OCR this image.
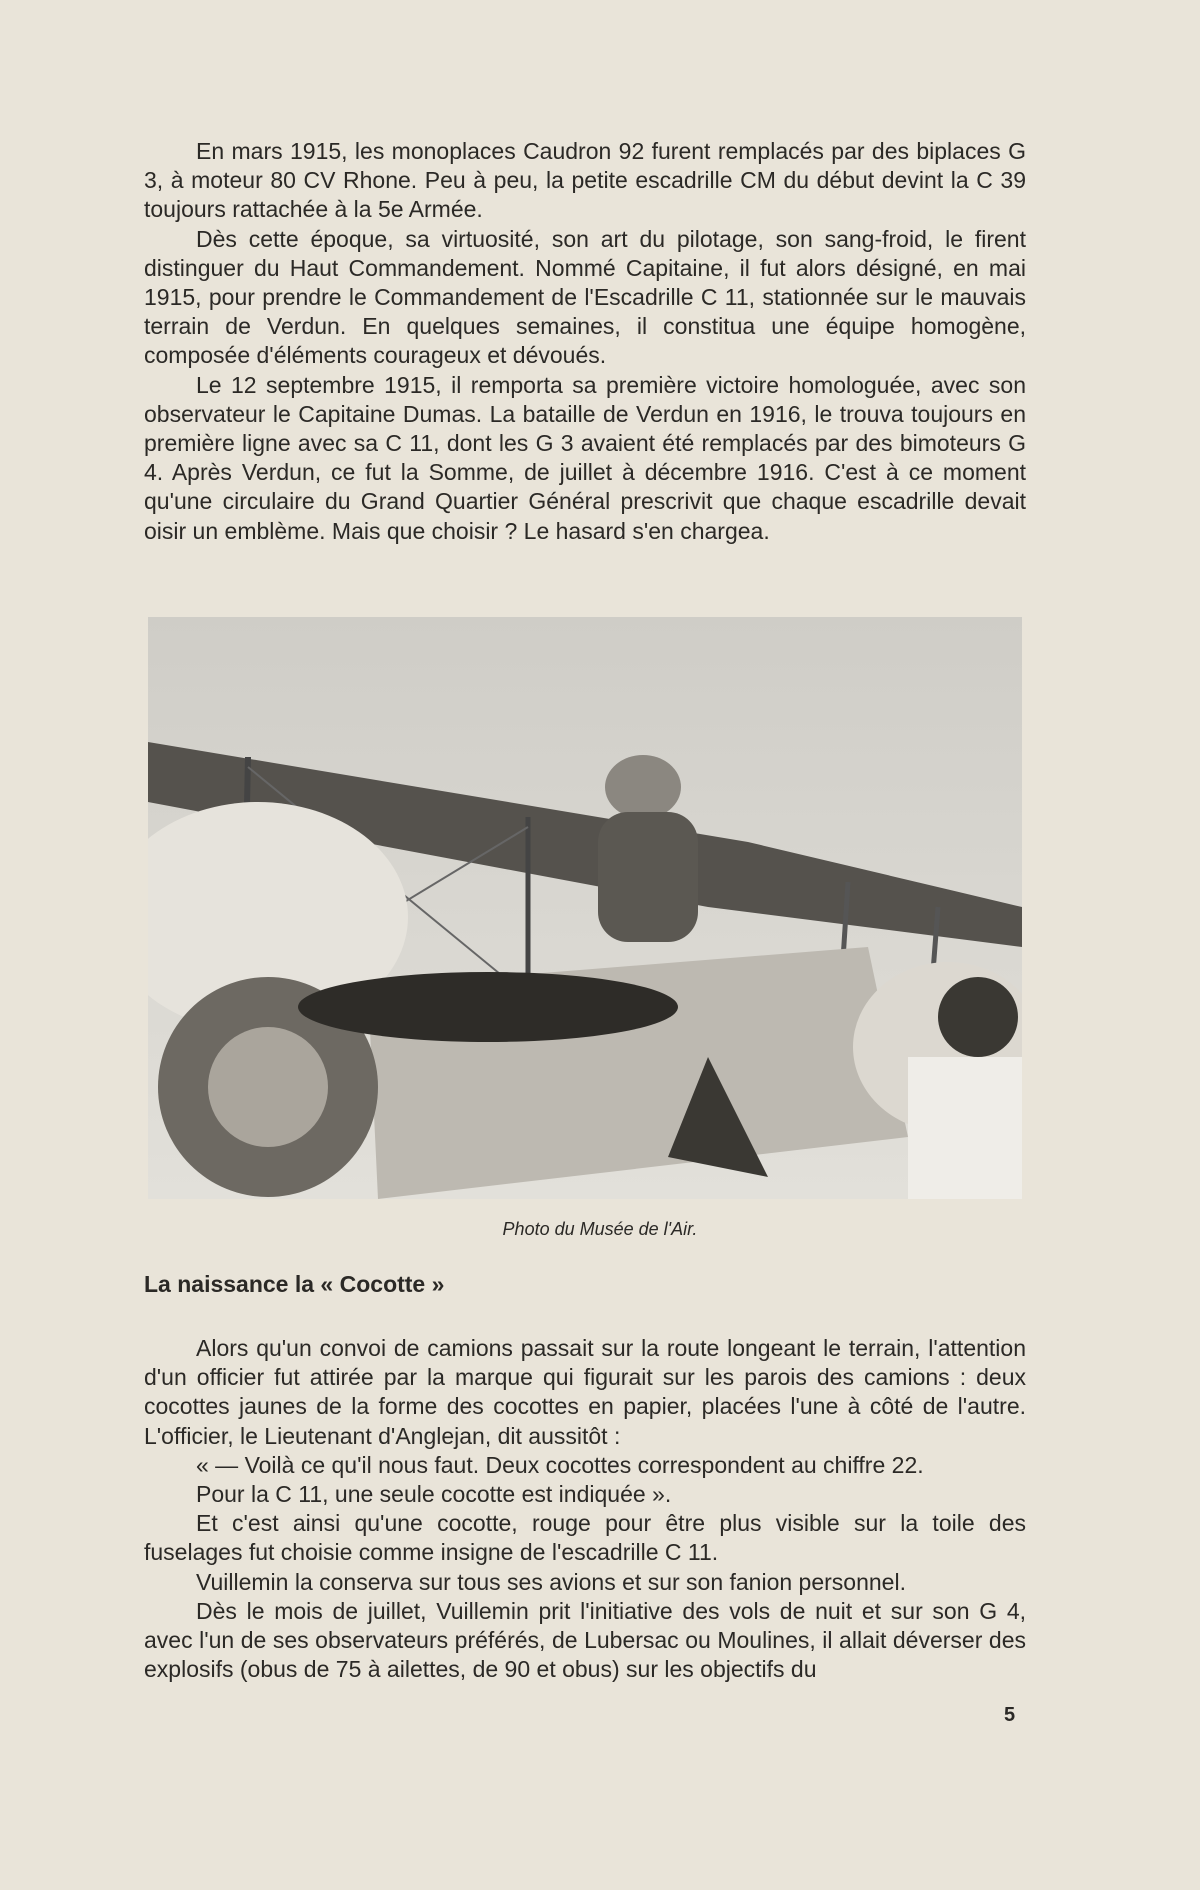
En mars 1915, les monoplaces Caudron 92 furent remplacés par des biplaces G 3, à moteur 80 CV Rhone. Peu à peu, la petite escadrille CM du début devint la C 39 toujours rattachée à la 5e Armée.

Dès cette époque, sa virtuosité, son art du pilotage, son sang-froid, le firent distinguer du Haut Commandement. Nommé Capitaine, il fut alors désigné, en mai 1915, pour prendre le Commandement de l'Escadrille C 11, stationnée sur le mauvais terrain de Verdun. En quelques semaines, il constitua une équipe homogène, composée d'éléments courageux et dévoués.

Le 12 septembre 1915, il remporta sa première victoire homologuée, avec son observateur le Capitaine Dumas. La bataille de Verdun en 1916, le trouva toujours en première ligne avec sa C 11, dont les G 3 avaient été remplacés par des bimoteurs G 4. Après Verdun, ce fut la Somme, de juillet à décembre 1916. C'est à ce moment qu'une circulaire du Grand Quartier Général prescrivit que chaque escadrille devait oisir un emblème. Mais que choisir ? Le hasard s'en chargea.

Photo du Musée de l'Air.
La naissance la « Cocotte »

Alors qu'un convoi de camions passait sur la route longeant le terrain, l'attention d'un officier fut attirée par la marque qui figurait sur les parois des camions : deux cocottes jaunes de la forme des cocottes en papier, placées l'une à côté de l'autre. L'officier, le Lieutenant d'Anglejan, dit aussitôt :

« — Voilà ce qu'il nous faut. Deux cocottes correspondent au chiffre 22.

Pour la C 11, une seule cocotte est indiquée ».

Et c'est ainsi qu'une cocotte, rouge pour être plus visible sur la toile des fuselages fut choisie comme insigne de l'escadrille C 11.

Vuillemin la conserva sur tous ses avions et sur son fanion personnel.

Dès le mois de juillet, Vuillemin prit l'initiative des vols de nuit et sur son G 4, avec l'un de ses observateurs préférés, de Lubersac ou Moulines, il allait déverser des explosifs (obus de 75 à ailettes, de 90 et obus) sur les objectifs du

5
